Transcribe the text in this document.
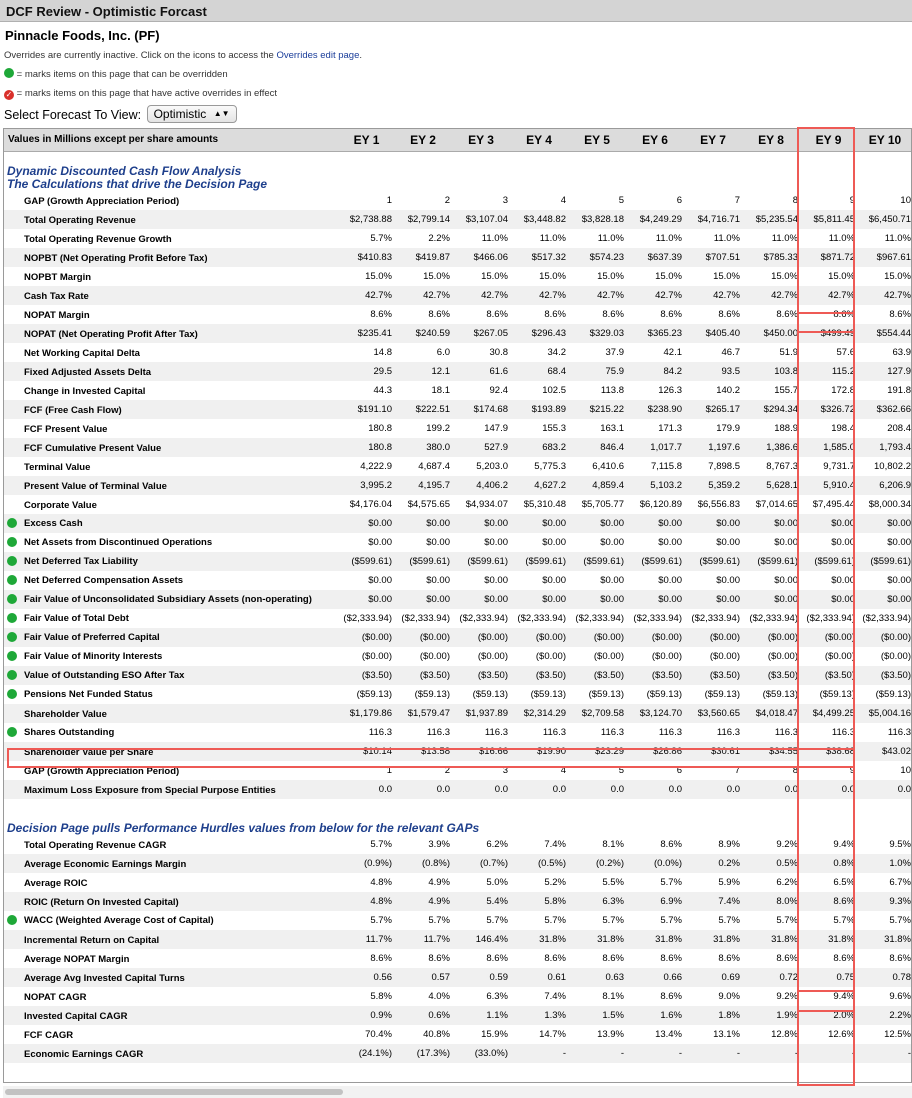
DCF Review - Optimistic Forcast
Pinnacle Foods, Inc. (PF)
Overrides are currently inactive. Click on the icons to access the Overrides edit page.
= marks items on this page that can be overridden
✓ = marks items on this page that have active overrides in effect
Select Forecast To View: Optimistic ▲▼
Values in Millions except per share amounts	EY 1	EY 2	EY 3	EY 4	EY 5	EY 6	EY 7	EY 8	EY 9	EY 10
Dynamic Discounted Cash Flow Analysis
The Calculations that drive the Decision Page										
GAP (Growth Appreciation Period)	1	2	3	4	5	6	7	8	9	10
Total Operating Revenue	$2,738.88	$2,799.14	$3,107.04	$3,448.82	$3,828.18	$4,249.29	$4,716.71	$5,235.54	$5,811.45	$6,450.71
Total Operating Revenue Growth	5.7%	2.2%	11.0%	11.0%	11.0%	11.0%	11.0%	11.0%	11.0%	11.0%
NOPBT (Net Operating Profit Before Tax)	$410.83	$419.87	$466.06	$517.32	$574.23	$637.39	$707.51	$785.33	$871.72	$967.61
NOPBT Margin	15.0%	15.0%	15.0%	15.0%	15.0%	15.0%	15.0%	15.0%	15.0%	15.0%
Cash Tax Rate	42.7%	42.7%	42.7%	42.7%	42.7%	42.7%	42.7%	42.7%	42.7%	42.7%
NOPAT Margin	8.6%	8.6%	8.6%	8.6%	8.6%	8.6%	8.6%	8.6%	8.6%	8.6%
NOPAT (Net Operating Profit After Tax)	$235.41	$240.59	$267.05	$296.43	$329.03	$365.23	$405.40	$450.00	$499.49	$554.44
Net Working Capital Delta	14.8	6.0	30.8	34.2	37.9	42.1	46.7	51.9	57.6	63.9
Fixed Adjusted Assets Delta	29.5	12.1	61.6	68.4	75.9	84.2	93.5	103.8	115.2	127.9
Change in Invested Capital	44.3	18.1	92.4	102.5	113.8	126.3	140.2	155.7	172.8	191.8
FCF (Free Cash Flow)	$191.10	$222.51	$174.68	$193.89	$215.22	$238.90	$265.17	$294.34	$326.72	$362.66
FCF Present Value	180.8	199.2	147.9	155.3	163.1	171.3	179.9	188.9	198.4	208.4
FCF Cumulative Present Value	180.8	380.0	527.9	683.2	846.4	1,017.7	1,197.6	1,386.6	1,585.0	1,793.4
Terminal Value	4,222.9	4,687.4	5,203.0	5,775.3	6,410.6	7,115.8	7,898.5	8,767.3	9,731.7	10,802.2
Present Value of Terminal Value	3,995.2	4,195.7	4,406.2	4,627.2	4,859.4	5,103.2	5,359.2	5,628.1	5,910.4	6,206.9
Corporate Value	$4,176.04	$4,575.65	$4,934.07	$5,310.48	$5,705.77	$6,120.89	$6,556.83	$7,014.65	$7,495.44	$8,000.34
Excess Cash	$0.00	$0.00	$0.00	$0.00	$0.00	$0.00	$0.00	$0.00	$0.00	$0.00
Net Assets from Discontinued Operations	$0.00	$0.00	$0.00	$0.00	$0.00	$0.00	$0.00	$0.00	$0.00	$0.00
Net Deferred Tax Liability	($599.61)	($599.61)	($599.61)	($599.61)	($599.61)	($599.61)	($599.61)	($599.61)	($599.61)	($599.61)
Net Deferred Compensation Assets	$0.00	$0.00	$0.00	$0.00	$0.00	$0.00	$0.00	$0.00	$0.00	$0.00
Fair Value of Unconsolidated Subsidiary Assets (non-operating)	$0.00	$0.00	$0.00	$0.00	$0.00	$0.00	$0.00	$0.00	$0.00	$0.00
Fair Value of Total Debt	($2,333.94)	($2,333.94)	($2,333.94)	($2,333.94)	($2,333.94)	($2,333.94)	($2,333.94)	($2,333.94)	($2,333.94)	($2,333.94)
Fair Value of Preferred Capital	($0.00)	($0.00)	($0.00)	($0.00)	($0.00)	($0.00)	($0.00)	($0.00)	($0.00)	($0.00)
Fair Value of Minority Interests	($0.00)	($0.00)	($0.00)	($0.00)	($0.00)	($0.00)	($0.00)	($0.00)	($0.00)	($0.00)
Value of Outstanding ESO After Tax	($3.50)	($3.50)	($3.50)	($3.50)	($3.50)	($3.50)	($3.50)	($3.50)	($3.50)	($3.50)
Pensions Net Funded Status	($59.13)	($59.13)	($59.13)	($59.13)	($59.13)	($59.13)	($59.13)	($59.13)	($59.13)	($59.13)
Shareholder Value	$1,179.86	$1,579.47	$1,937.89	$2,314.29	$2,709.58	$3,124.70	$3,560.65	$4,018.47	$4,499.25	$5,004.16
Shares Outstanding	116.3	116.3	116.3	116.3	116.3	116.3	116.3	116.3	116.3	116.3
Shareholder Value per Share	$10.14	$13.58	$16.66	$19.90	$23.29	$26.86	$30.61	$34.55	$38.68	$43.02
GAP (Growth Appreciation Period)	1	2	3	4	5	6	7	8	9	10
Maximum Loss Exposure from Special Purpose Entities	0.0	0.0	0.0	0.0	0.0	0.0	0.0	0.0	0.0	0.0
Decision Page pulls Performance Hurdles values from below for the relevant GAPs										
Total Operating Revenue CAGR	5.7%	3.9%	6.2%	7.4%	8.1%	8.6%	8.9%	9.2%	9.4%	9.5%
Average Economic Earnings Margin	(0.9%)	(0.8%)	(0.7%)	(0.5%)	(0.2%)	(0.0%)	0.2%	0.5%	0.8%	1.0%
Average ROIC	4.8%	4.9%	5.0%	5.2%	5.5%	5.7%	5.9%	6.2%	6.5%	6.7%
ROIC (Return On Invested Capital)	4.8%	4.9%	5.4%	5.8%	6.3%	6.9%	7.4%	8.0%	8.6%	9.3%
WACC (Weighted Average Cost of Capital)	5.7%	5.7%	5.7%	5.7%	5.7%	5.7%	5.7%	5.7%	5.7%	5.7%
Incremental Return on Capital	11.7%	11.7%	146.4%	31.8%	31.8%	31.8%	31.8%	31.8%	31.8%	31.8%
Average NOPAT Margin	8.6%	8.6%	8.6%	8.6%	8.6%	8.6%	8.6%	8.6%	8.6%	8.6%
Average Avg Invested Capital Turns	0.56	0.57	0.59	0.61	0.63	0.66	0.69	0.72	0.75	0.78
NOPAT CAGR	5.8%	4.0%	6.3%	7.4%	8.1%	8.6%	9.0%	9.2%	9.4%	9.6%
Invested Capital CAGR	0.9%	0.6%	1.1%	1.3%	1.5%	1.6%	1.8%	1.9%	2.0%	2.2%
FCF CAGR	70.4%	40.8%	15.9%	14.7%	13.9%	13.4%	13.1%	12.8%	12.6%	12.5%
Economic Earnings CAGR	(24.1%)	(17.3%)	(33.0%)	-	-	-	-	-	-	-
